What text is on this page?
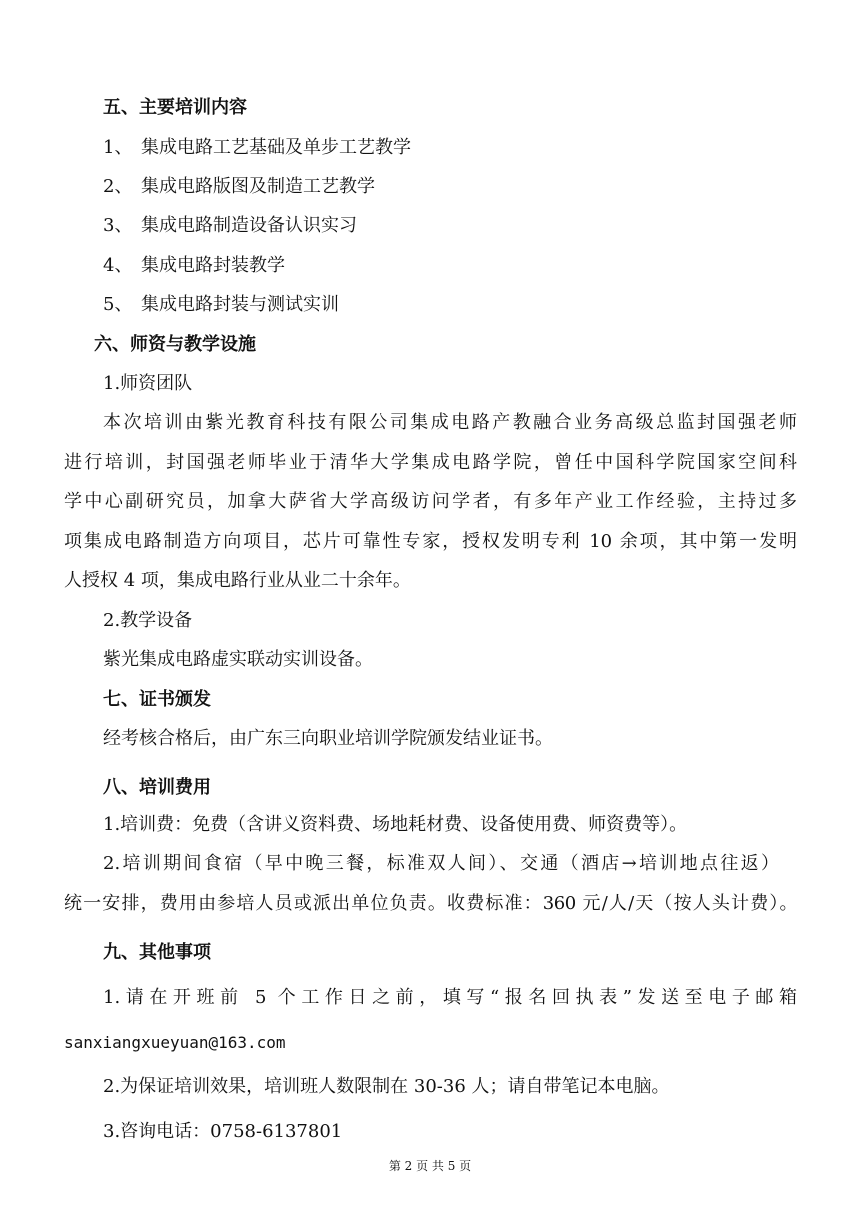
五、主要培训内容
1、 集成电路工艺基础及单步工艺教学
2、 集成电路版图及制造工艺教学
3、 集成电路制造设备认识实习
4、 集成电路封装教学
5、 集成电路封装与测试实训
六、师资与教学设施
1.师资团队
本次培训由紫光教育科技有限公司集成电路产教融合业务高级总监封国强老师
进行培训，封国强老师毕业于清华大学集成电路学院，曾任中国科学院国家空间科
学中心副研究员，加拿大萨省大学高级访问学者，有多年产业工作经验，主持过多
项集成电路制造方向项目，芯片可靠性专家，授权发明专利 10 余项，其中第一发明
人授权 4 项，集成电路行业从业二十余年。
2.教学设备
紫光集成电路虚实联动实训设备。
七、证书颁发
经考核合格后，由广东三向职业培训学院颁发结业证书。
八、培训费用
1.培训费：免费（含讲义资料费、场地耗材费、设备使用费、师资费等）。
2.培训期间食宿（早中晚三餐，标准双人间）、交通（酒店→培训地点往返）
统一安排，费用由参培人员或派出单位负责。收费标准：360 元/人/天（按人头计费）。
九、其他事项
1.请在开班前 5 个工作日之前，填写“报名回执表”发送至电子邮箱
sanxiangxueyuan@163.com
2.为保证培训效果，培训班人数限制在 30-36 人；请自带笔记本电脑。
3.咨询电话：0758-6137801
第 2 页 共 5 页
